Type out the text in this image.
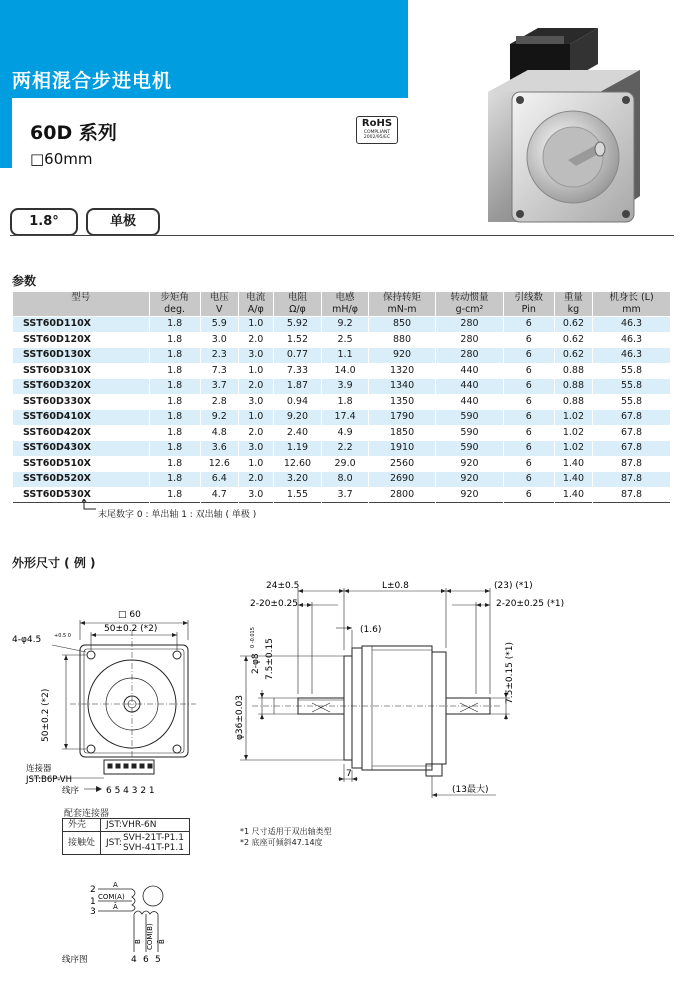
两相混合步进电机
60D 系列
□60mm
RoHS
COMPLIANT
2002/95/EC
1.8°	单极
参数
型号	步矩角	电压	电流	电阻	电感	保持转矩	转动惯量	引线数	重量	机身长 (L)
	deg.	V	A/φ	Ω/φ	mH/φ	mN-m	g-cm²	Pin	kg	mm
SST60D110X	1.8	5.9	1.0	5.92	9.2	850	280	6	0.62	46.3
SST60D120X	1.8	3.0	2.0	1.52	2.5	880	280	6	0.62	46.3
SST60D130X	1.8	2.3	3.0	0.77	1.1	920	280	6	0.62	46.3
SST60D310X	1.8	7.3	1.0	7.33	14.0	1320	440	6	0.88	55.8
SST60D320X	1.8	3.7	2.0	1.87	3.9	1340	440	6	0.88	55.8
SST60D330X	1.8	2.8	3.0	0.94	1.8	1350	440	6	0.88	55.8
SST60D410X	1.8	9.2	1.0	9.20	17.4	1790	590	6	1.02	67.8
SST60D420X	1.8	4.8	2.0	2.40	4.9	1850	590	6	1.02	67.8
SST60D430X	1.8	3.6	3.0	1.19	2.2	1910	590	6	1.02	67.8
SST60D510X	1.8	12.6	1.0	12.60	29.0	2560	920	6	1.40	87.8
SST60D520X	1.8	6.4	2.0	3.20	8.0	2690	920	6	1.40	87.8
SST60D530X	1.8	4.7	3.0	1.55	3.7	2800	920	6	1.40	87.8
末尾数字 0 : 单出轴 1 : 双出轴 ( 单极 )
外形尺寸 ( 例 )
□ 60
50±0.2 (*2)
4-φ4.5	+0.5 0
50±0.2 (*2)
连接器
JST:B6P-VH
线序	6 5 4 3 2 1
24±0.5
2-20±0.25
L±0.8	(23) (*1)
2-20±0.25 (*1)
(1.6)
2-φ8
0 -0.015
7.5±0.15
φ36±0.03
7.5±0.15 (*1)
7
(13最大)
2
1
3
A
COM(A)
Ā
B COM(B) B̄
4 6 5
线序图
配套连接器
外壳	JST:VHR-6N	
接触处	JST:	SVH-21T-P1.1
SVH-41T-P1.1
*1 尺寸适用于双出轴类型
*2 底座可倾斜47.14度
